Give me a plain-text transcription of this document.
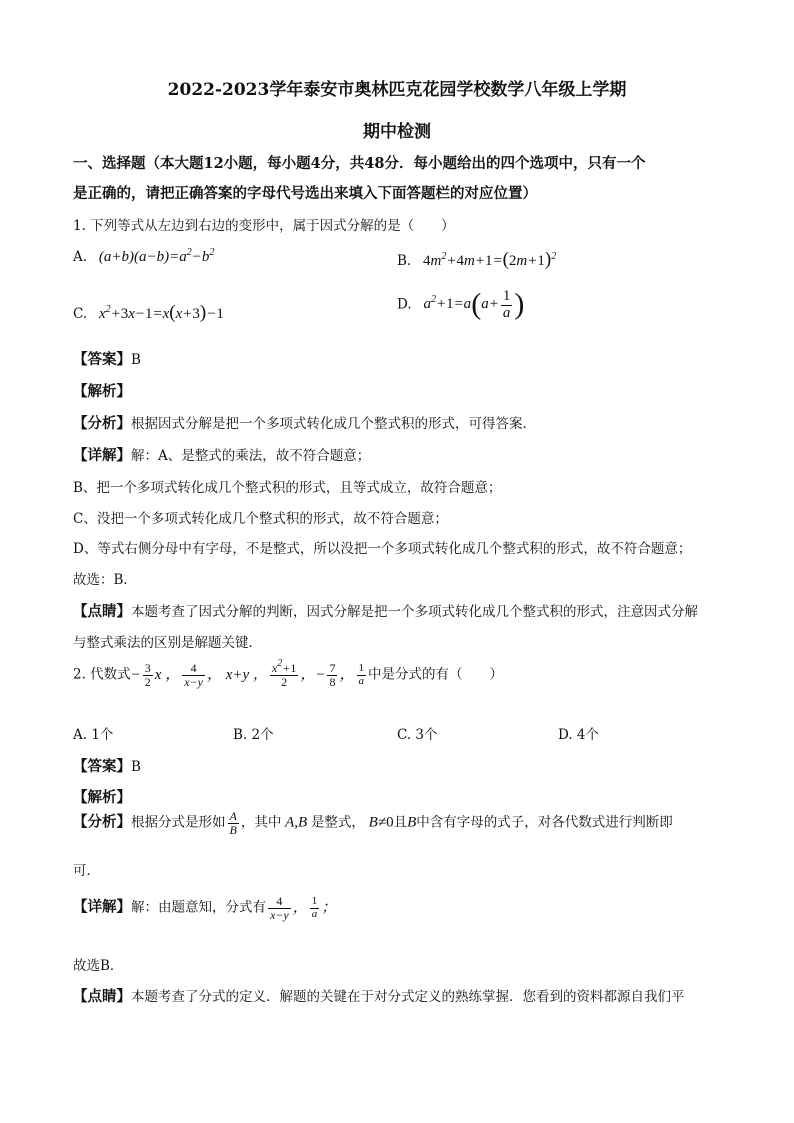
2022-2023学年泰安市奥林匹克花园学校数学八年级上学期
期中检测
一、选择题（本大题12小题，每小题4分，共48分．每小题给出的四个选项中，只有一个
是正确的，请把正确答案的字母代号选出来填入下面答题栏的对应位置）
1. 下列等式从左边到右边的变形中，属于因式分解的是（　　）
A.   $(a+b)(a-b)=a^2-b^2$
B. $4m^2+4m+1=(2m+1)^2$
C.   $x^2+3x-1=x(x+3)-1$
D.   $a^2+1=a(a+ \frac{1}{a}$ )
【答案】B
【解析】
【分析】根据因式分解是把一个多项式转化成几个整式积的形式，可得答案．
【详解】解：A、是整式的乘法，故不符合题意；
B、把一个多项式转化成几个整式积的形式，且等式成立，故符合题意；
C、没把一个多项式转化成几个整式积的形式，故不符合题意；
D、等式右侧分母中有字母，不是整式，所以没把一个多项式转化成几个整式积的形式，故不符合题意；
故选：B．
【点睛】本题考查了因式分解的判断，因式分解是把一个多项式转化成几个整式积的形式，注意因式分解
与整式乘法的区别是解题关键．
2. 代数式− $\frac{3}{2}$ x ， $\frac{4}{x-y}$ ， x+y ， $\frac{x^2+1}{2}$ ，− $\frac{7}{8}$ ， $\frac{1}{a}$ 中是分式的有（　　）
A. 1个	B. 2个	C. 3个	D. 4个
【答案】B
【解析】
【分析】根据分式是形如 $\frac{A}{B}$ ，其中 A,B 是整式， B≠0且B中含有字母的式子，对各代数式进行判断即
可．
【详解】解：由题意知，分式有 $\frac{4}{x-y}$ ， $\frac{1}{a}$ ；
故选B．
【点睛】本题考查了分式的定义．解题的关键在于对分式定义的熟练掌握．您看到的资料都源自我们平
